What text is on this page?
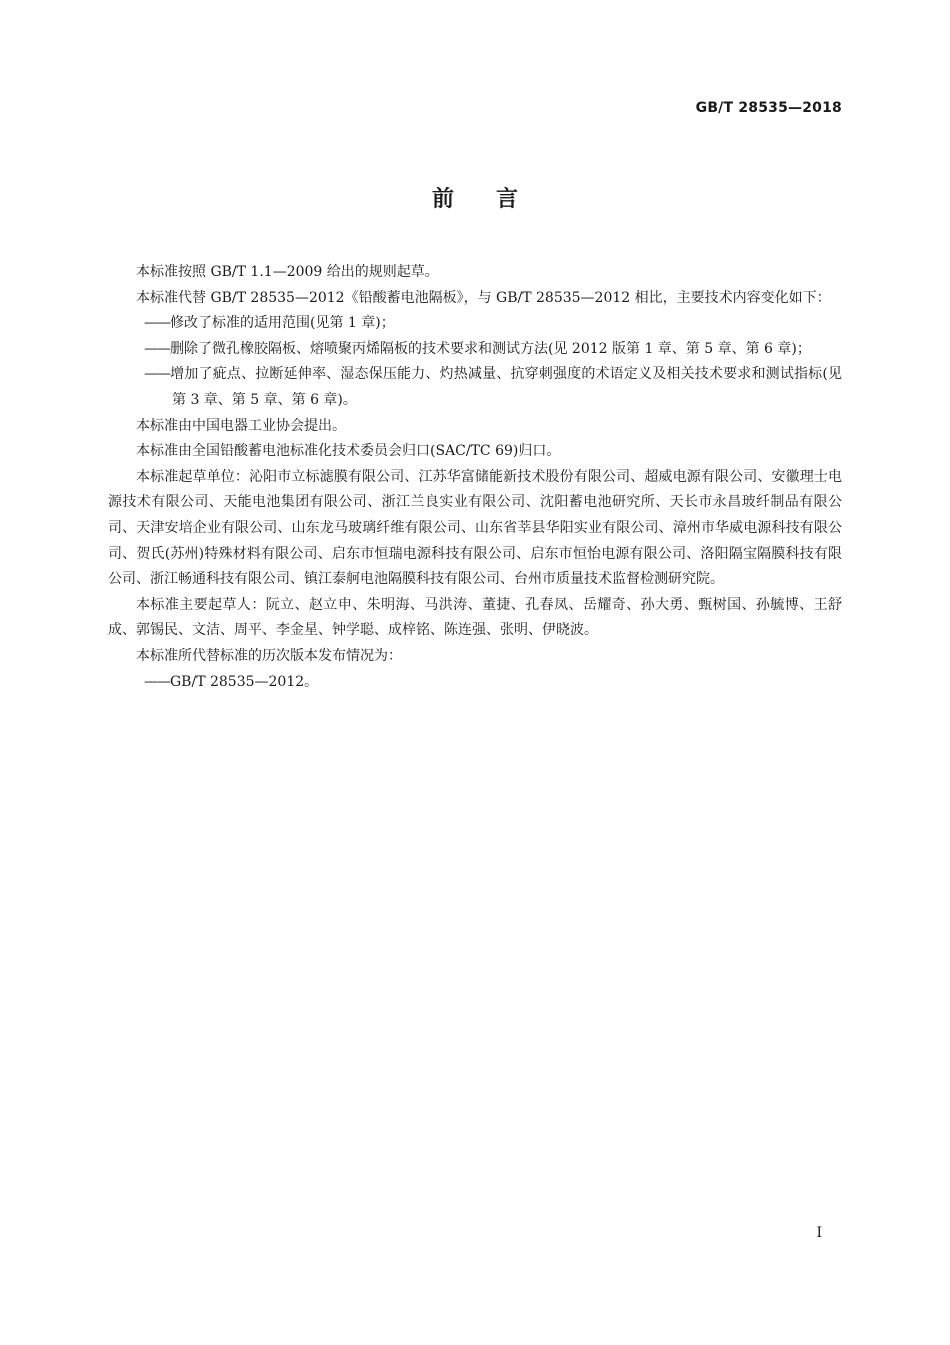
GB/T 28535—2018
前言

本标准按照 GB/T 1.1—2009 给出的规则起草。

本标准代替 GB/T 28535—2012《铅酸蓄电池隔板》，与 GB/T 28535—2012 相比，主要技术内容变化如下：

——修改了标准的适用范围(见第 1 章)；

——删除了微孔橡胶隔板、熔喷聚丙烯隔板的技术要求和测试方法(见 2012 版第 1 章、第 5 章、第 6 章)；

——增加了疵点、拉断延伸率、湿态保压能力、灼热减量、抗穿刺强度的术语定义及相关技术要求和测试指标(见第 3 章、第 5 章、第 6 章)。

本标准由中国电器工业协会提出。

本标准由全国铅酸蓄电池标准化技术委员会归口(SAC/TC 69)归口。

本标准起草单位：沁阳市立标滤膜有限公司、江苏华富储能新技术股份有限公司、超威电源有限公司、安徽理士电源技术有限公司、天能电池集团有限公司、浙江兰良实业有限公司、沈阳蓄电池研究所、天长市永昌玻纤制品有限公司、天津安培企业有限公司、山东龙马玻璃纤维有限公司、山东省莘县华阳实业有限公司、漳州市华威电源科技有限公司、贺氏(苏州)特殊材料有限公司、启东市恒瑞电源科技有限公司、启东市恒怡电源有限公司、洛阳隔宝隔膜科技有限公司、浙江畅通科技有限公司、镇江泰舸电池隔膜科技有限公司、台州市质量技术监督检测研究院。

本标准主要起草人：阮立、赵立申、朱明海、马洪涛、董捷、孔春凤、岳耀奇、孙大勇、甄树国、孙毓博、王舒成、郭锡民、文洁、周平、李金星、钟学聪、成梓铭、陈连强、张明、伊晓波。

本标准所代替标准的历次版本发布情况为：

——GB/T 28535—2012。

I
